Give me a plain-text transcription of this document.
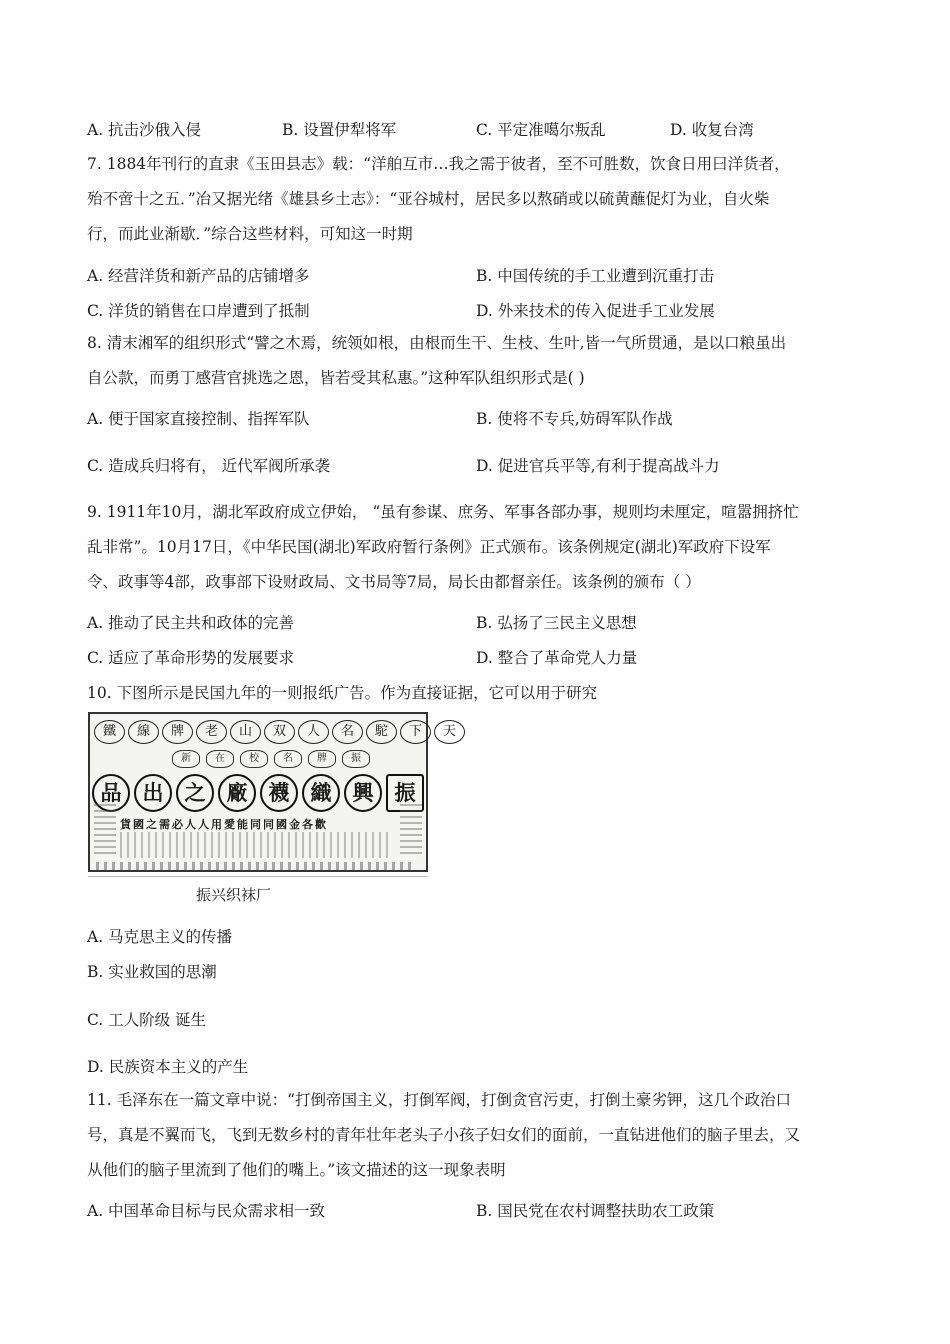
A. 抗击沙俄入侵	B. 设置伊犁将军	C. 平定准噶尔叛乱	D. 收复台湾

7. 1884年刊行的直隶《玉田县志》载：“洋舶互市…我之需于彼者，至不可胜数，饮食日用曰洋货者，

殆不啻十之五．”冶又据光绪《雄县乡土志》：“亚谷城村，居民多以熬硝或以硫黄蘸促灯为业，自火柴

行，而此业渐歇．”综合这些材料，可知这一时期

A. 经营洋货和新产品的店铺增多	B. 中国传统的手工业遭到沉重打击
C. 洋货的销售在口岸遭到了抵制	D. 外来技术的传入促进手工业发展

8. 清末湘军的组织形式“譬之木焉，统领如根，由根而生干、生枝、生叶,皆一气所贯通，是以口粮虽出

自公款，而勇丁感营官挑选之恩，皆若受其私惠。”这种军队组织形式是( )

A. 便于国家直接控制、指挥军队	B. 使将不专兵,妨碍军队作战
C. 造成兵归将有， 近代军阀所承袭	D. 促进官兵平等,有利于提高战斗力

9. 1911年10月，湖北军政府成立伊始， “虽有参谋、庶务、军事各部办事，规则均未厘定，喧嚣拥挤忙

乱非常”。10月17日，《中华民国(湖北)军政府暂行条例》正式颁布。该条例规定(湖北)军政府下设军

令、政事等4部，政事部下设财政局、文书局等7局，局长由都督亲任。该条例的颁布（ ）

A. 推动了民主共和政体的完善	B. 弘扬了三民主义思想
C. 适应了革命形势的发展要求	D. 整合了革命党人力量
10. 下图所示是民国九年的一则报纸广告。作为直接证据，它可以用于研究
鐵	線	牌	老	山	双	人	名	駝	下	天
新	在	校	名	牌	振
品	出	之	廠	襪	織	興	振
貨國之需必人人用愛能同同國金各歡
振兴织袜厂
A. 马克思主义的传播
B. 实业救国的思潮
C. 工人阶级 诞生
D. 民族资本主义的产生

11. 毛泽东在一篇文章中说：“打倒帝国主义，打倒军阀，打倒贪官污吏，打倒土豪劣钾，这几个政治口

号，真是不翼而飞，飞到无数乡村的青年壮年老头子小孩子妇女们的面前，一直钻进他们的脑子里去，又

从他们的脑子里流到了他们的嘴上。”该文描述的这一现象表明

A. 中国革命目标与民众需求相一致	B. 国民党在农村调整扶助农工政策
